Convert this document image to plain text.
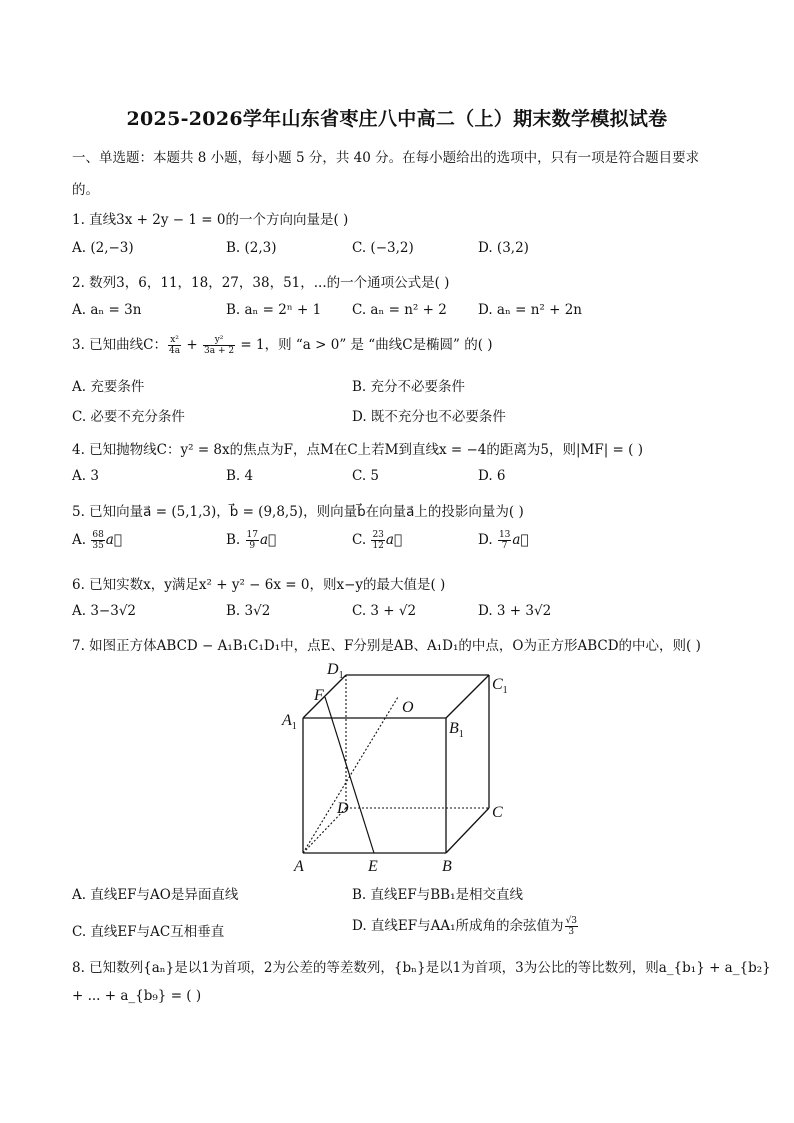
2025-2026学年山东省枣庄八中高二（上）期末数学模拟试卷
一、单选题：本题共 8 小题，每小题 5 分，共 40 分。在每小题给出的选项中，只有一项是符合题目要求
的。
1. 直线3x + 2y − 1 = 0的一个方向向量是( )
A. (2,−3)	B. (2,3)	C. (−3,2)	D. (3,2)
2. 数列3，6，11，18，27，38，51，...的一个通项公式是( )
A. aₙ = 3n	B. aₙ = 2ⁿ + 1 C. aₙ = n² + 2 D. aₙ = n² + 2n
3. 已知曲线C： $\frac{\text{x²}}{4a} + \frac{\text{y²}}{3a + 2} = 1$，则 “a > 0” 是 “曲线C是椭圆” 的( )
A. 充要条件	B. 充分不必要条件
C. 必要不充分条件	D. 既不充分也不必要条件
4. 已知抛物线C：y² = 8x的焦点为F，点M在C上若M到直线x = −4的距离为5，则|MF| = ( )
A. 3	B. 4	C. 5	D. 6
5. 已知向量a⃗ = (5,1,3)，b⃗ = (9,8,5)，则向量b⃗在向量a⃗上的投影向量为( )
A. $\frac{68}{35}$ a⃗	B. $\frac{17}{9}$ a⃗	C. $\frac{23}{12}$ a⃗	D. $\frac{13}{7}$ a⃗
6. 已知实数x，y满足x² + y² − 6x = 0，则x−y的最大值是( )
A. 3−3√2	B. 3√2	C. 3 + √2	D. 3 + 3√2
7. 如图正方体ABCD − A₁B₁C₁D₁中，点E、F分别是AB、A₁D₁的中点，O为正方形ABCD的中心，则( )
$D_1$
$C_1$
$A_1$	$B_1$
F
O
D	C
A	E	B
A. 直线EF与AO是异面直线	B. 直线EF与BB₁是相交直线
C. 直线EF与AC互相垂直	D. 直线EF与AA₁所成角的余弦值为 $\frac{√3}{3}$
8. 已知数列{aₙ}是以1为首项，2为公差的等差数列，{bₙ}是以1为首项，3为公比的等比数列，则a_{b₁} + a_{b₂}
+ ... + a_{b₉} = ( )
